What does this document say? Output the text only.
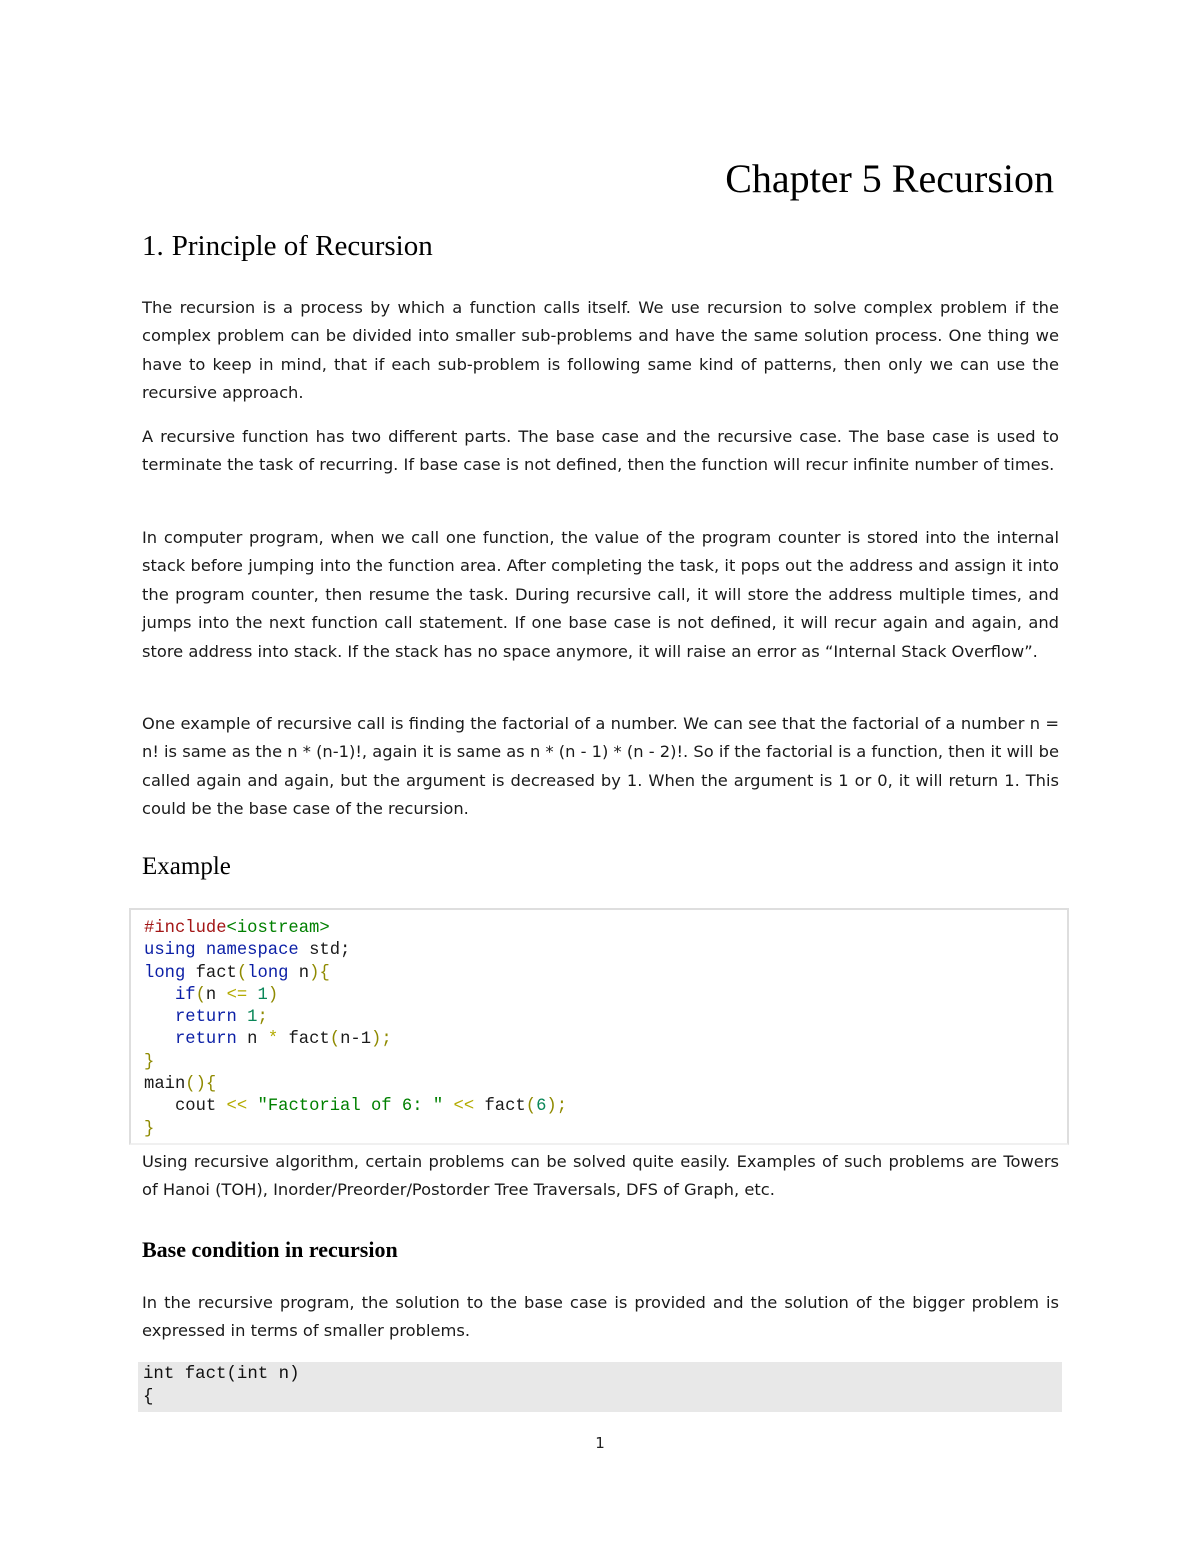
Chapter 5 Recursion
1. Principle of Recursion

The recursion is a process by which a function calls itself. We use recursion to solve complex problem if the complex problem can be divided into smaller sub-problems and have the same solution process. One thing we have to keep in mind, that if each sub-problem is following same kind of patterns, then only we can use the recursive approach.

A recursive function has two different parts. The base case and the recursive case. The base case is used to terminate the task of recurring. If base case is not defined, then the function will recur infinite number of times.

In computer program, when we call one function, the value of the program counter is stored into the internal stack before jumping into the function area. After completing the task, it pops out the address and assign it into the program counter, then resume the task. During recursive call, it will store the address multiple times, and jumps into the next function call statement. If one base case is not defined, it will recur again and again, and store address into stack. If the stack has no space anymore, it will raise an error as “Internal Stack Overflow”.

One example of recursive call is finding the factorial of a number. We can see that the factorial of a number n = n! is same as the n * (n-1)!, again it is same as n * (n - 1) * (n - 2)!. So if the factorial is a function, then it will be called again and again, but the argument is decreased by 1. When the argument is 1 or 0, it will return 1. This could be the base case of the recursion.

Example
#include<iostream>
using namespace std;
long fact(long n){
if(n <= 1)
return 1;
return n * fact(n-1);
}
main(){
cout << "Factorial of 6: " << fact(6);
}

Using recursive algorithm, certain problems can be solved quite easily. Examples of such problems are Towers of Hanoi (TOH), Inorder/Preorder/Postorder Tree Traversals, DFS of Graph, etc.

Base condition in recursion

In the recursive program, the solution to the base case is provided and the solution of the bigger problem is expressed in terms of smaller problems.

int fact(int n)
{

1
